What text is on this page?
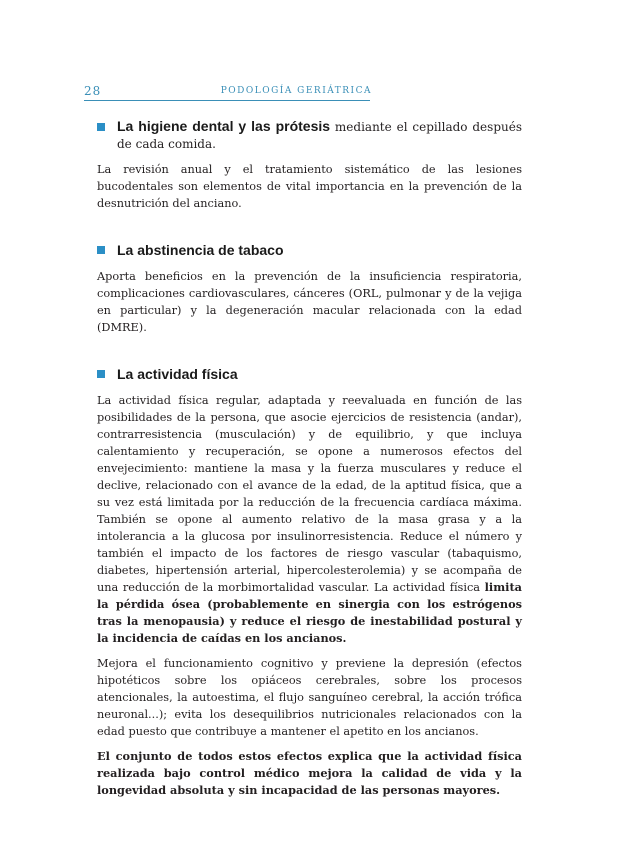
28	PODOLOGÍA GERIÁTRICA
La higiene dental y las prótesis mediante el cepillado después de cada comida.

La revisión anual y el tratamiento sistemático de las lesiones bucodentales son elementos de vital importancia en la prevención de la desnutrición del anciano.

La abstinencia de tabaco

Aporta beneficios en la prevención de la insuficiencia respiratoria, complicaciones cardiovasculares, cánceres (ORL, pulmonar y de la vejiga en particular) y la degeneración macular relacionada con la edad (DMRE).

La actividad física

La actividad física regular, adaptada y reevaluada en función de las posibilidades de la persona, que asocie ejercicios de resistencia (andar), contrarresistencia (musculación) y de equilibrio, y que incluya calentamiento y recuperación, se opone a numerosos efectos del envejecimiento: mantiene la masa y la fuerza musculares y reduce el declive, relacionado con el avance de la edad, de la aptitud física, que a su vez está limitada por la reducción de la frecuencia cardíaca máxima. También se opone al aumento relativo de la masa grasa y a la intolerancia a la glucosa por insulinorresistencia. Reduce el número y también el impacto de los factores de riesgo vascular (tabaquismo, diabetes, hipertensión arterial, hipercolesterolemia) y se acompaña de una reducción de la morbimortalidad vascular. La actividad física limita la pérdida ósea (probablemente en sinergia con los estrógenos tras la menopausia) y reduce el riesgo de inestabilidad postural y la incidencia de caídas en los ancianos.

Mejora el funcionamiento cognitivo y previene la depresión (efectos hipotéticos sobre los opiáceos cerebrales, sobre los procesos atencionales, la autoestima, el flujo sanguíneo cerebral, la acción trófica neuronal...); evita los desequilibrios nutricionales relacionados con la edad puesto que contribuye a mantener el apetito en los ancianos.

El conjunto de todos estos efectos explica que la actividad física realizada bajo control médico mejora la calidad de vida y la longevidad absoluta y sin incapacidad de las personas mayores.
